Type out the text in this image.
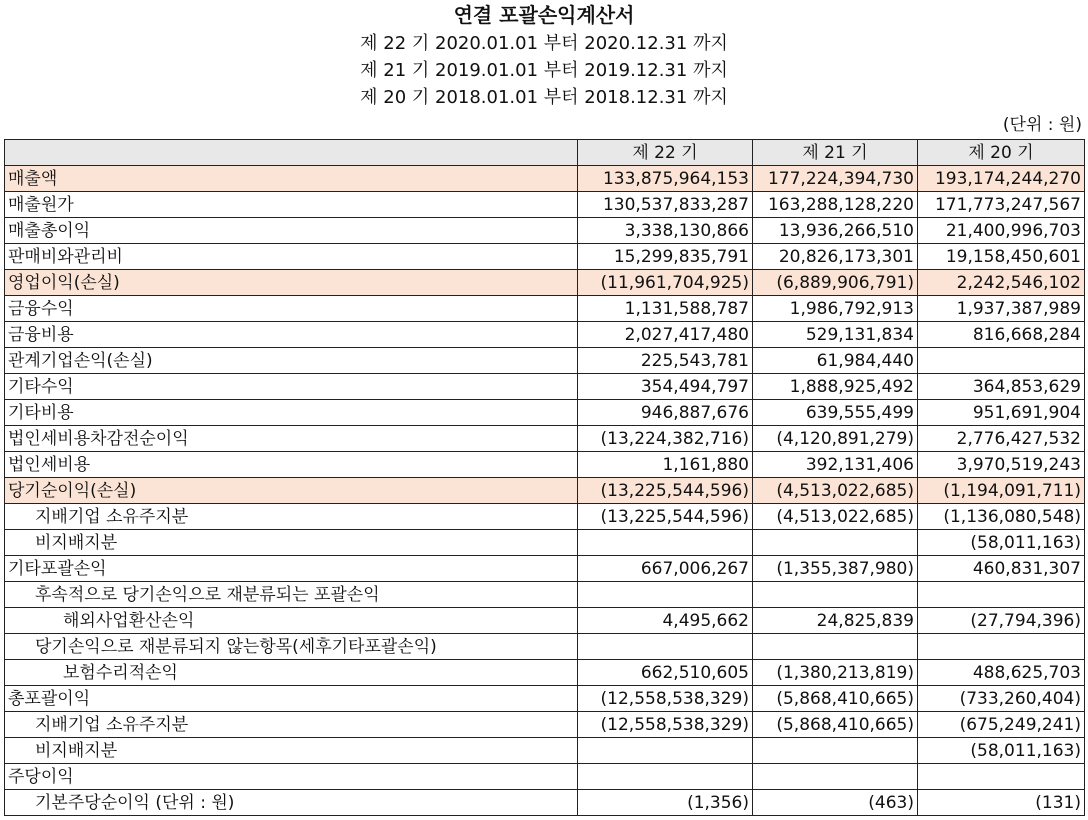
연결 포괄손익계산서
제 22 기 2020.01.01 부터 2020.12.31 까지
제 21 기 2019.01.01 부터 2019.12.31 까지
제 20 기 2018.01.01 부터 2018.12.31 까지
(단위 : 원)
	제 22 기	제 21 기	제 20 기
매출액	133,875,964,153	177,224,394,730	193,174,244,270
매출원가	130,537,833,287	163,288,128,220	171,773,247,567
매출총이익	3,338,130,866	13,936,266,510	21,400,996,703
판매비와관리비	15,299,835,791	20,826,173,301	19,158,450,601
영업이익(손실)	(11,961,704,925)	(6,889,906,791)	2,242,546,102
금융수익	1,131,588,787	1,986,792,913	1,937,387,989
금융비용	2,027,417,480	529,131,834	816,668,284
관계기업손익(손실)	225,543,781	61,984,440	
기타수익	354,494,797	1,888,925,492	364,853,629
기타비용	946,887,676	639,555,499	951,691,904
법인세비용차감전순이익	(13,224,382,716)	(4,120,891,279)	2,776,427,532
법인세비용	1,161,880	392,131,406	3,970,519,243
당기순이익(손실)	(13,225,544,596)	(4,513,022,685)	(1,194,091,711)
지배기업 소유주지분	(13,225,544,596)	(4,513,022,685)	(1,136,080,548)
비지배지분			(58,011,163)
기타포괄손익	667,006,267	(1,355,387,980)	460,831,307
후속적으로 당기손익으로 재분류되는 포괄손익			
해외사업환산손익	4,495,662	24,825,839	(27,794,396)
당기손익으로 재분류되지 않는항목(세후기타포괄손익)			
보험수리적손익	662,510,605	(1,380,213,819)	488,625,703
총포괄이익	(12,558,538,329)	(5,868,410,665)	(733,260,404)
지배기업 소유주지분	(12,558,538,329)	(5,868,410,665)	(675,249,241)
비지배지분			(58,011,163)
주당이익			
기본주당순이익 (단위 : 원)	(1,356)	(463)	(131)
